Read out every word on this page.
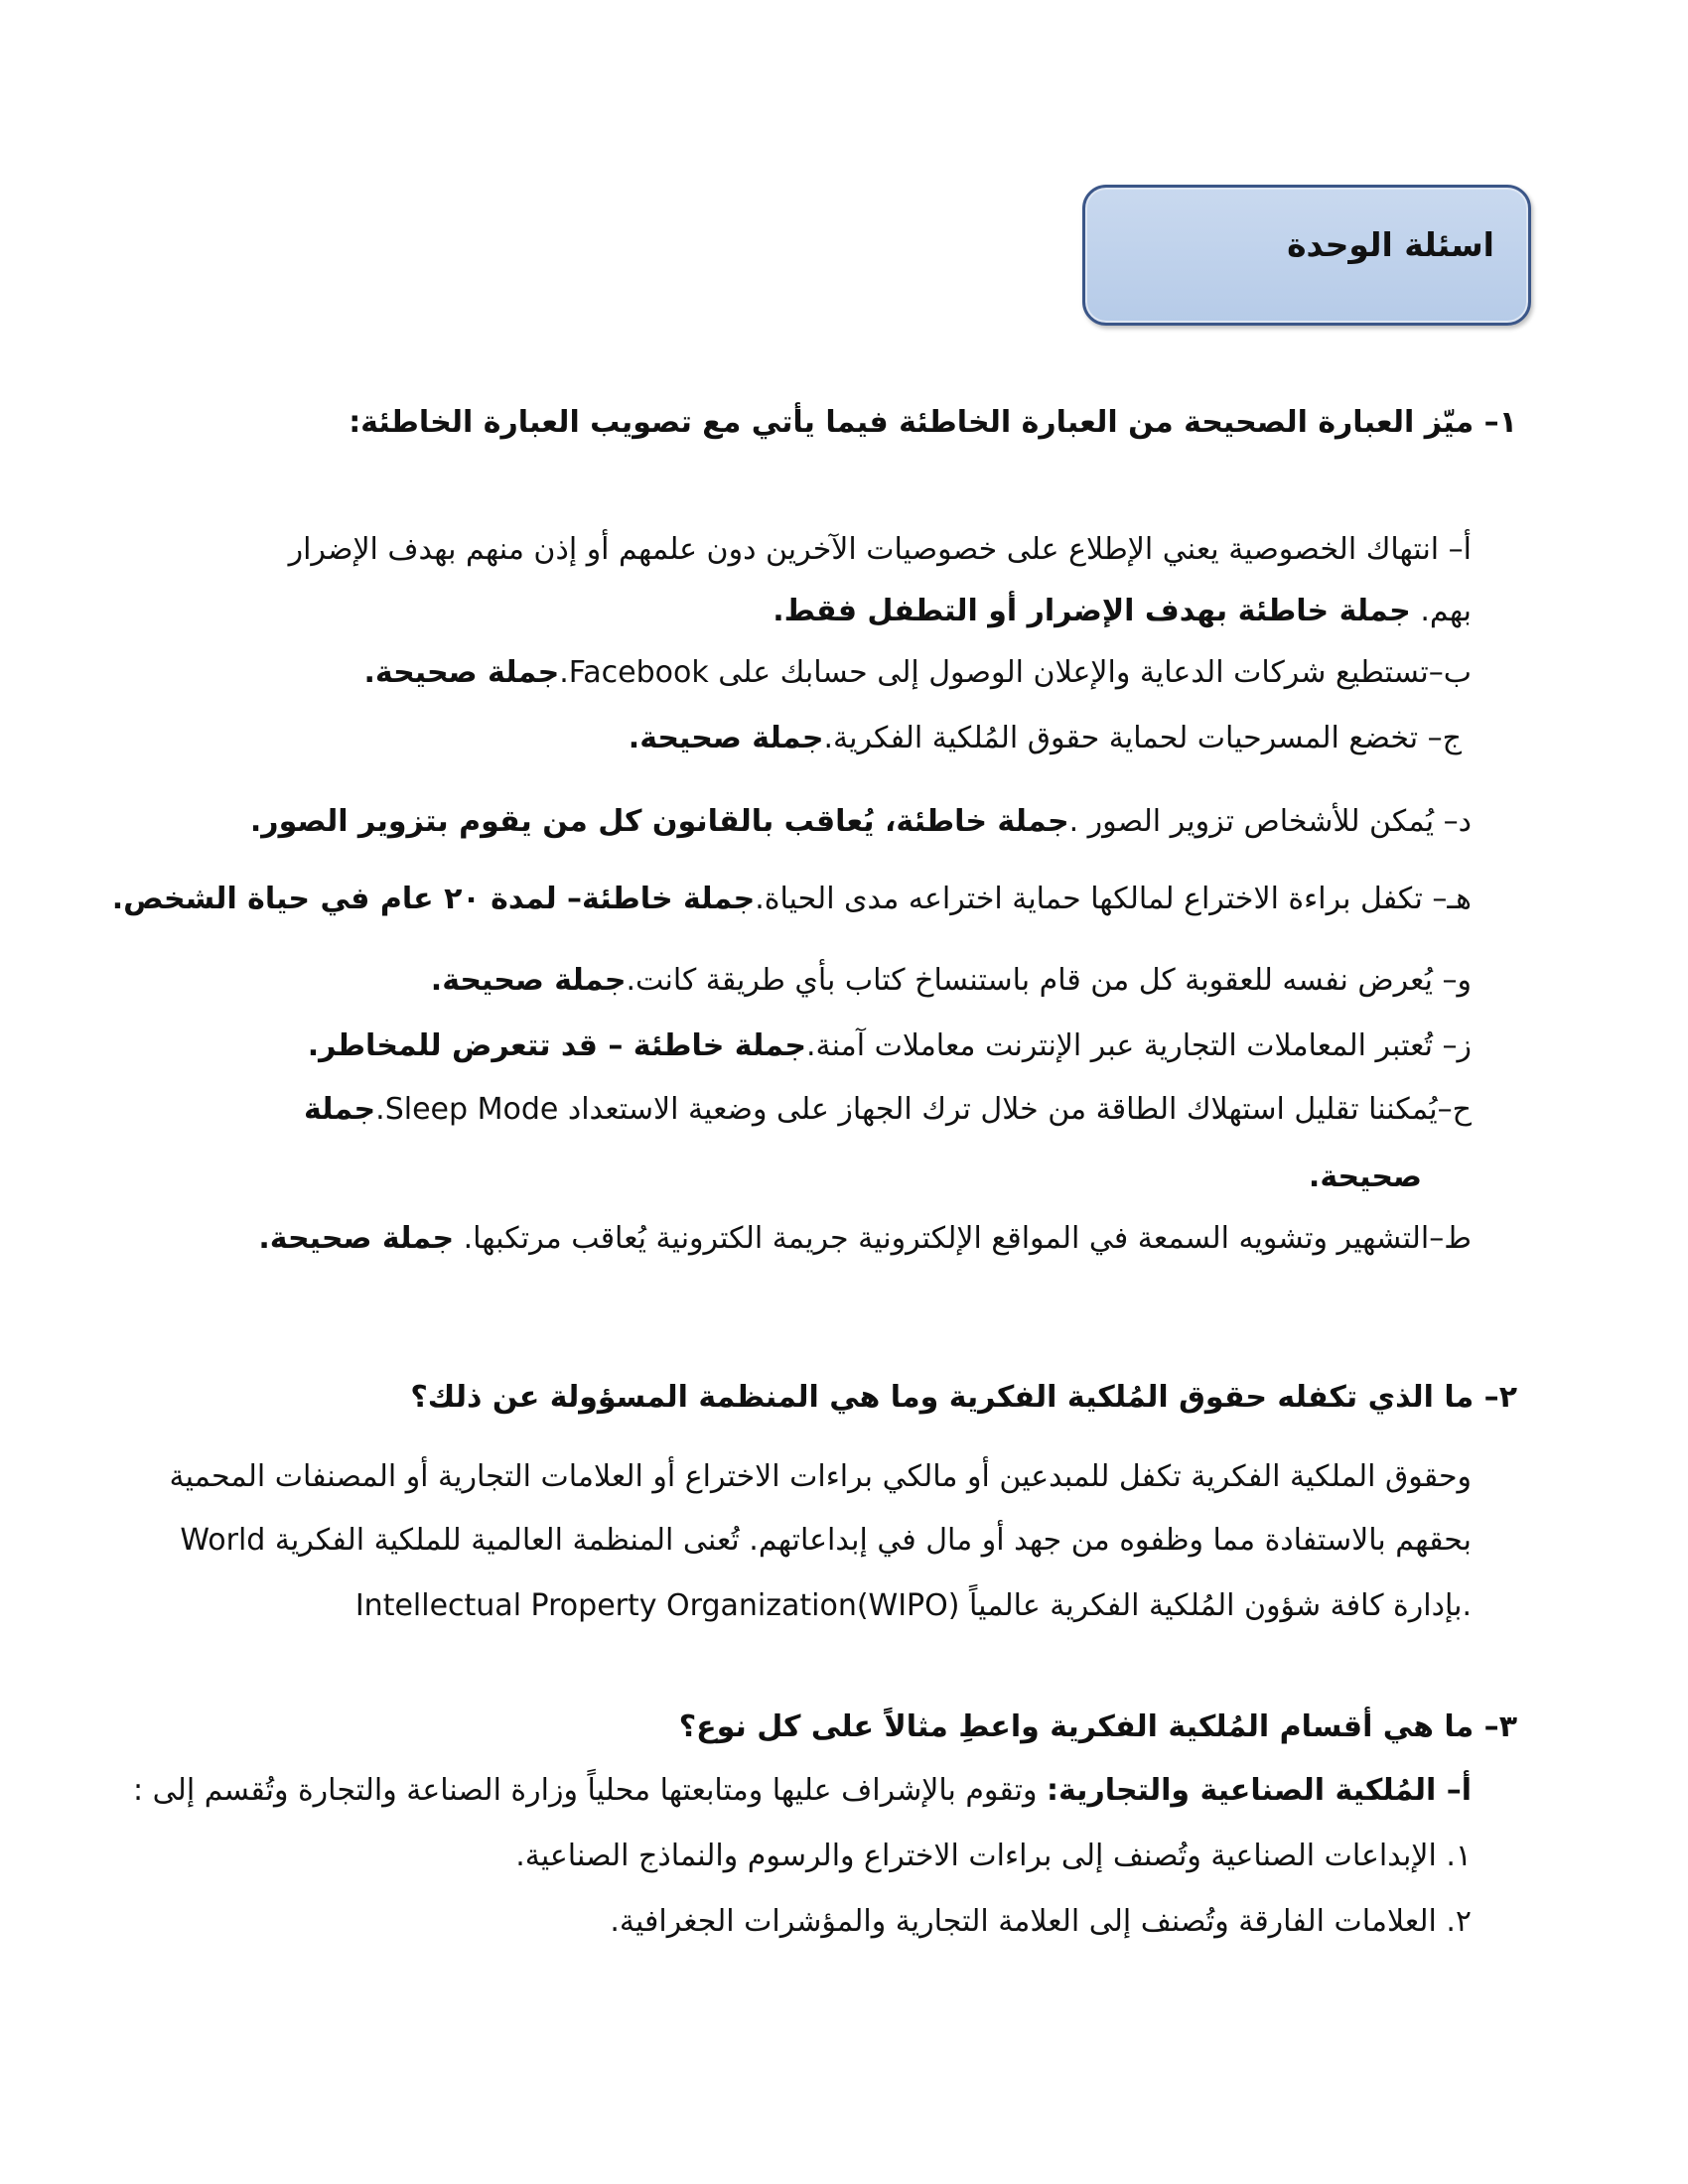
اسئلة الوحدة
١– ميّز العبارة الصحيحة من العبارة الخاطئة فيما يأتي مع تصويب العبارة الخاطئة:
أ– انتهاك الخصوصية يعني الإطلاع على خصوصيات الآخرين دون علمهم أو إذن منهم بهدف الإضرار
بهم. جملة خاطئة بهدف الإضرار أو التطفل فقط.
ب–تستطيع شركات الدعاية والإعلان الوصول إلى حسابك على Facebook.جملة صحيحة.
ج– تخضع المسرحيات لحماية حقوق المُلكية الفكرية.جملة صحيحة.
د– يُمكن للأشخاص تزوير الصور .جملة خاطئة، يُعاقب بالقانون كل من يقوم بتزوير الصور.
هـ– تكفل براءة الاختراع لمالكها حماية اختراعه مدى الحياة.جملة خاطئة– لمدة ٢٠ عام في حياة الشخص.
و– يُعرض نفسه للعقوبة كل من قام باستنساخ كتاب بأي طريقة كانت.جملة صحيحة.
ز– تُعتبر المعاملات التجارية عبر الإنترنت معاملات آمنة.جملة خاطئة – قد تتعرض للمخاطر.
ح–يُمكننا تقليل استهلاك الطاقة من خلال ترك الجهاز على وضعية الاستعداد Sleep Mode.جملة
صحيحة.
ط–التشهير وتشويه السمعة في المواقع الإلكترونية جريمة الكترونية يُعاقب مرتكبها. جملة صحيحة.
٢– ما الذي تكفله حقوق المُلكية الفكرية وما هي المنظمة المسؤولة عن ذلك؟
وحقوق الملكية الفكرية تكفل للمبدعين أو مالكي براءات الاختراع أو العلامات التجارية أو المصنفات المحمية
بحقهم بالاستفادة مما وظفوه من جهد أو مال في إبداعاتهم. تُعنى المنظمة العالمية للملكية الفكرية World
Intellectual Property Organization(WIPO) بإدارة كافة شؤون المُلكية الفكرية عالمياً.
٣– ما هي أقسام المُلكية الفكرية واعطِ مثالاً على كل نوع؟
أ– المُلكية الصناعية والتجارية: وتقوم بالإشراف عليها ومتابعتها محلياً وزارة الصناعة والتجارة وتُقسم إلى :
١. الإبداعات الصناعية وتُصنف إلى براءات الاختراع والرسوم والنماذج الصناعية.
٢. العلامات الفارقة وتُصنف إلى العلامة التجارية والمؤشرات الجغرافية.
